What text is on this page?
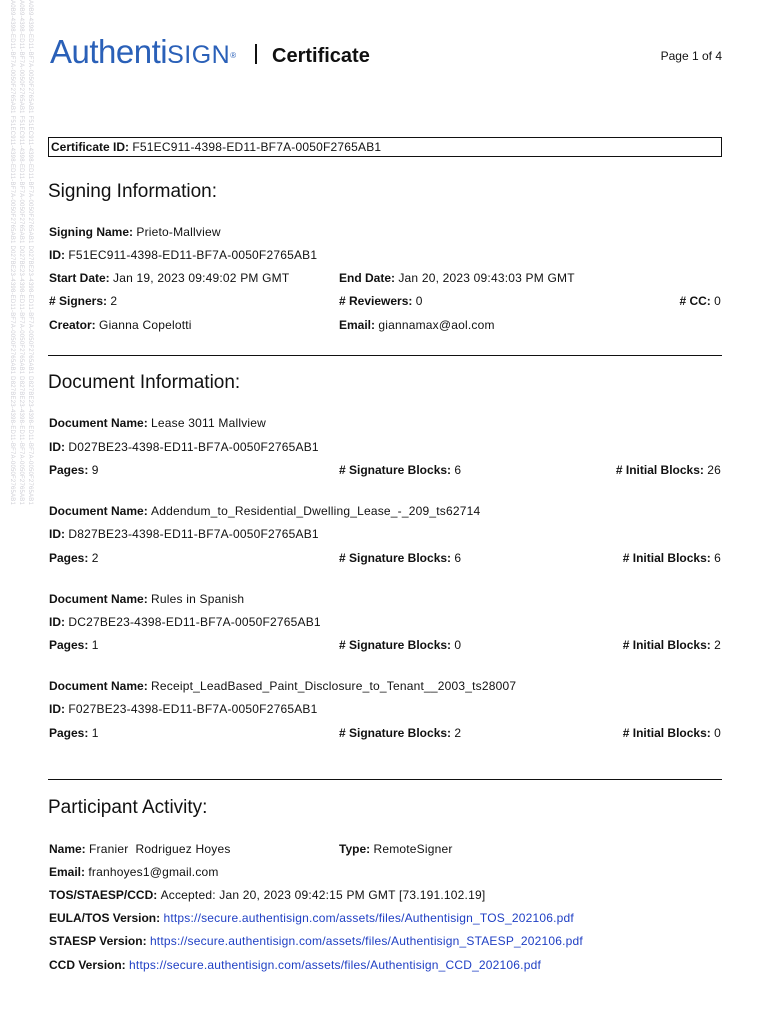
A0B9-4398-ED11-BF7A-0050F2765AB1 F51EC911-4398-ED11-BF7A-0050F2765AB1 D027BE23-4398-ED11-BF7A-0050F2765AB1 D827BE23-4398-ED11-BF7A-0050F2765AB1 A0B9-4398-ED11-BF7A-0050F2765AB1 F51EC911-4398-ED11-BF7A-0050F2765AB1 D027BE23-4398-ED11-BF7A-0050F2765AB1 D827BE23-4398-ED11-BF7A-0050F2765AB1 A0B9-4398-ED11-BF7A-0050F2765AB1 F51EC911-4398-ED11-BF7A-0050F2765AB1 D027BE23-4398-ED11-BF7A-0050F2765AB1 D827BE23-4398-ED11-BF7A-0050F2765AB1 AuthentiSIGN® Certificate	Page 1 of 4
Certificate ID: F51EC911-4398-ED11-BF7A-0050F2765AB1
Signing Information:
Signing Name: Prieto-Mallview
ID: F51EC911-4398-ED11-BF7A-0050F2765AB1
Start Date: Jan 19, 2023 09:49:02 PM GMT	End Date: Jan 20, 2023 09:43:03 PM GMT
# Signers: 2	# Reviewers: 0	# CC: 0
Creator: Gianna Copelotti	Email: giannamax@aol.com
Document Information:
Document Name: Lease 3011 Mallview
ID: D027BE23-4398-ED11-BF7A-0050F2765AB1
Pages: 9	# Signature Blocks: 6	# Initial Blocks: 26
Document Name: Addendum_to_Residential_Dwelling_Lease_-_209_ts62714
ID: D827BE23-4398-ED11-BF7A-0050F2765AB1
Pages: 2	# Signature Blocks: 6	# Initial Blocks: 6
Document Name: Rules in Spanish
ID: DC27BE23-4398-ED11-BF7A-0050F2765AB1
Pages: 1	# Signature Blocks: 0	# Initial Blocks: 2
Document Name: Receipt_LeadBased_Paint_Disclosure_to_Tenant__2003_ts28007
ID: F027BE23-4398-ED11-BF7A-0050F2765AB1
Pages: 1	# Signature Blocks: 2	# Initial Blocks: 0
Participant Activity:
Name: Franier  Rodriguez Hoyes	Type: RemoteSigner
Email: franhoyes1@gmail.com
TOS/STAESP/CCD: Accepted: Jan 20, 2023 09:42:15 PM GMT [73.191.102.19]
EULA/TOS Version: https://secure.authentisign.com/assets/files/Authentisign_TOS_202106.pdf
STAESP Version: https://secure.authentisign.com/assets/files/Authentisign_STAESP_202106.pdf
CCD Version: https://secure.authentisign.com/assets/files/Authentisign_CCD_202106.pdf
